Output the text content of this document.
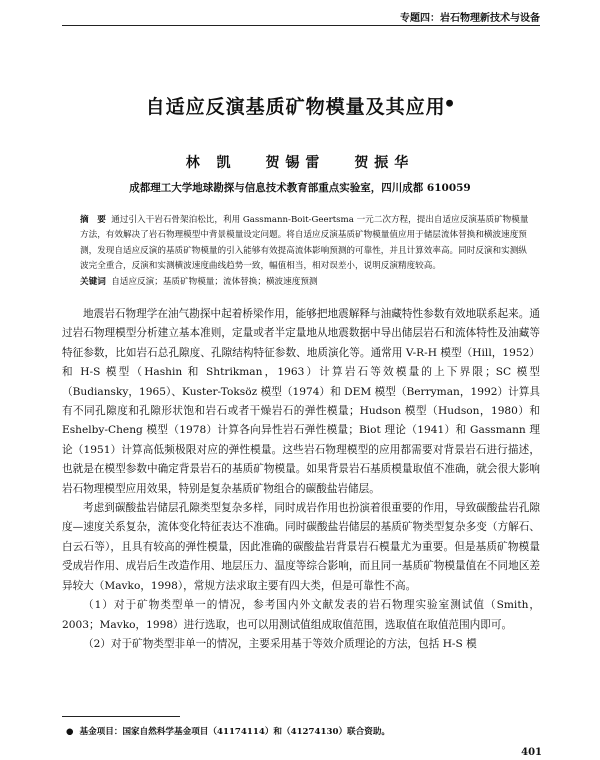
专题四：岩石物理新技术与设备
自适应反演基质矿物模量及其应用●
林 凯 贺锡雷 贺振华
成都理工大学地球勘探与信息技术教育部重点实验室，四川成都 610059
摘　要 通过引入干岩石骨架泊松比，利用 Gassmann-Boit-Geertsma 一元二次方程，提出自适应反演基质矿物模量方法，有效解决了岩石物理模型中背景模量设定问题。将自适应反演基质矿物模量值应用于储层流体替换和横波速度预测，发现自适应反演的基质矿物模量的引入能够有效提高流体影响预测的可靠性，并且计算效率高。同时反演和实测纵波完全重合，反演和实测横波速度曲线趋势一致，幅值相当，相对误差小，说明反演精度较高。
关键词 自适应反演；基质矿物模量；流体替换；横波速度预测

地震岩石物理学在油气勘探中起着桥梁作用，能够把地震解释与油藏特性参数有效地联系起来。通过岩石物理模型分析建立基本准则，定量或者半定量地从地震数据中导出储层岩石和流体特性及油藏等特征参数，比如岩石总孔隙度、孔隙结构特征参数、地质演化等。通常用 V-R-H 模型（Hill，1952）和 H-S 模型（Hashin 和 Shtrikman，1963）计算岩石等效模量的上下界限；SC 模型（Budiansky，1965）、Kuster-Toksöz 模型（1974）和 DEM 模型（Berryman，1992）计算具有不同孔隙度和孔隙形状饱和岩石或者干燥岩石的弹性模量；Hudson 模型（Hudson，1980）和 Eshelby-Cheng 模型（1978）计算各向异性岩石弹性模量；Biot 理论（1941）和 Gassmann 理论（1951）计算高低频极限对应的弹性模量。这些岩石物理模型的应用都需要对背景岩石进行描述，也就是在模型参数中确定背景岩石的基质矿物模量。如果背景岩石基质模量取值不准确，就会很大影响岩石物理模型应用效果，特别是复杂基质矿物组合的碳酸盐岩储层。

考虑到碳酸盐岩储层孔隙类型复杂多样，同时成岩作用也扮演着很重要的作用，导致碳酸盐岩孔隙度—速度关系复杂，流体变化特征表达不准确。同时碳酸盐岩储层的基质矿物类型复杂多变（方解石、白云石等），且具有较高的弹性模量，因此准确的碳酸盐岩背景岩石模量尤为重要。但是基质矿物模量受成岩作用、成岩后生改造作用、地层压力、温度等综合影响，而且同一基质矿物模量值在不同地区差异较大（Mavko，1998），常规方法求取主要有四大类，但是可靠性不高。

（1）对于矿物类型单一的情况，参考国内外文献发表的岩石物理实验室测试值（Smith，2003；Mavko，1998）进行选取，也可以用测试值组成取值范围，选取值在取值范围内即可。

（2）对于矿物类型非单一的情况，主要采用基于等效介质理论的方法，包括 H-S 模

● 基金项目：国家自然科学基金项目（41174114）和（41274130）联合资助。
401
